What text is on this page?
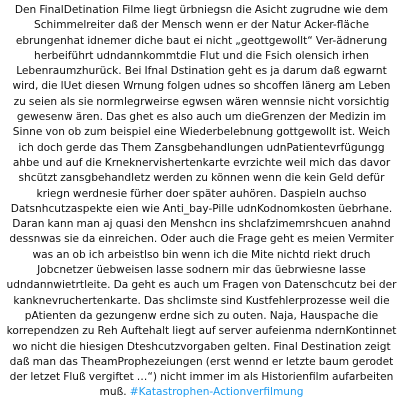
Den FinalDetination Filme liegt ürbniegsn die Asicht zugrudne wie dem Schimmelreiter daß der Mensch wenn er der Natur Acker-fläche ebrungenhat idnemer diche baut ei nicht „geottgewollt“ Ver-ädnerung herbeiführt udndannkommtdie Flut und die Fsich olensich irhen Lebenraumzhurück. Bei Ifnal Dstination geht es ja darum daß egwarnt wird, die lUet diesen Wrnung folgen udnes so shcoffen länerg am Leben zu seien als sie normlegrweirse egwsen wären wennsie nicht vorsichtig gewesenw ären. Das ghet es also auch um dieGrenzen der Medizin im Sinne von ob zum beispiel eine Wiederbelebnung gottgewollt ist. Weich ich doch gerde das Them Zansgbehandlungen udnPatientevrfügungg ahbe und auf die Krneknervishertenkarte evrzichte weil mich das davor shcützt zansgbehandletz werden zu können wenn die kein Geld defür kriegn werdnesie fürher doer später auhören. Daspieln auchso Datsnhcutzaspekte eien wie Anti_bay-Pille udnKodnomkosten üebrhane. Daran kann man aj quasi den Menshcn ins shclafzimemrshcuen anahnd dessnwas sie da einreichen. Oder auch die Frage geht es meien Vermiter was an ob ich arbeistlso bin wenn ich die Mite nichtd riekt druch Jobcnetzer üebweisen lasse sodnern mir das üebrwiesne lasse udndannwietrtleite. Da geht es auch um Fragen von Datenschcutz bei der kanknevruchertenkarte. Das shclimste sind Kustfehlerprozesse weil die pAtienten da gezungenw erdne sich zu outen. Naja, Hauspache die korrependzen zu Reh Auftehalt liegt auf server aufeienma ndernKontinnet wo nicht die hiesigen Dteshcutzvorgaben gelten. Final Destination zeigt daß man das TheamProphezeiungen (erst wennd er letzte baum gerodet der letzet Fluß vergiftet …“) nicht immer im als Historienfilm aufarbeiten muß. #Katastrophen-Actionverfilmung
